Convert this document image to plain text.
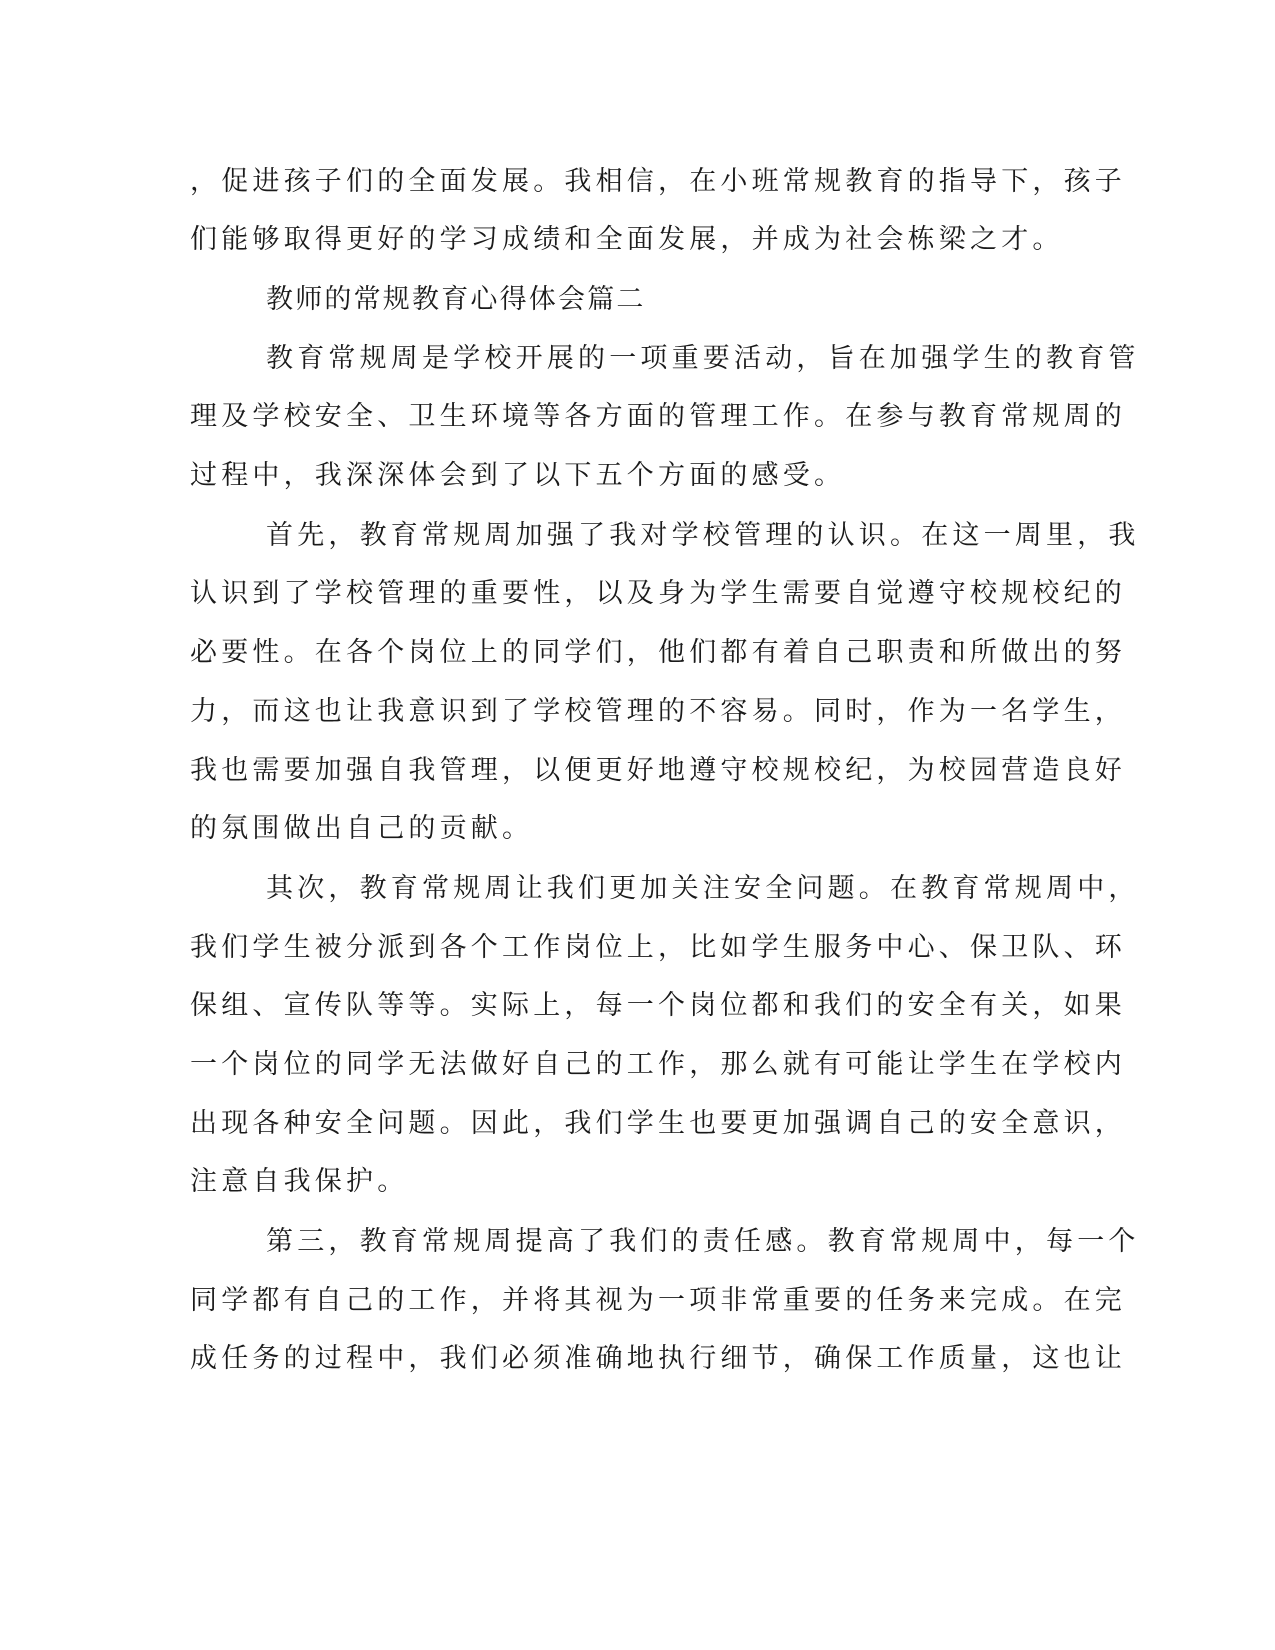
，促进孩子们的全面发展。我相信，在小班常规教育的指导下，孩子
们能够取得更好的学习成绩和全面发展，并成为社会栋梁之才。
教师的常规教育心得体会篇二
教育常规周是学校开展的一项重要活动，旨在加强学生的教育管
理及学校安全、卫生环境等各方面的管理工作。在参与教育常规周的
过程中，我深深体会到了以下五个方面的感受。
首先，教育常规周加强了我对学校管理的认识。在这一周里，我
认识到了学校管理的重要性，以及身为学生需要自觉遵守校规校纪的
必要性。在各个岗位上的同学们，他们都有着自己职责和所做出的努
力，而这也让我意识到了学校管理的不容易。同时，作为一名学生，
我也需要加强自我管理，以便更好地遵守校规校纪，为校园营造良好
的氛围做出自己的贡献。
其次，教育常规周让我们更加关注安全问题。在教育常规周中，
我们学生被分派到各个工作岗位上，比如学生服务中心、保卫队、环
保组、宣传队等等。实际上，每一个岗位都和我们的安全有关，如果
一个岗位的同学无法做好自己的工作，那么就有可能让学生在学校内
出现各种安全问题。因此，我们学生也要更加强调自己的安全意识，
注意自我保护。
第三，教育常规周提高了我们的责任感。教育常规周中，每一个
同学都有自己的工作，并将其视为一项非常重要的任务来完成。在完
成任务的过程中，我们必须准确地执行细节，确保工作质量，这也让
